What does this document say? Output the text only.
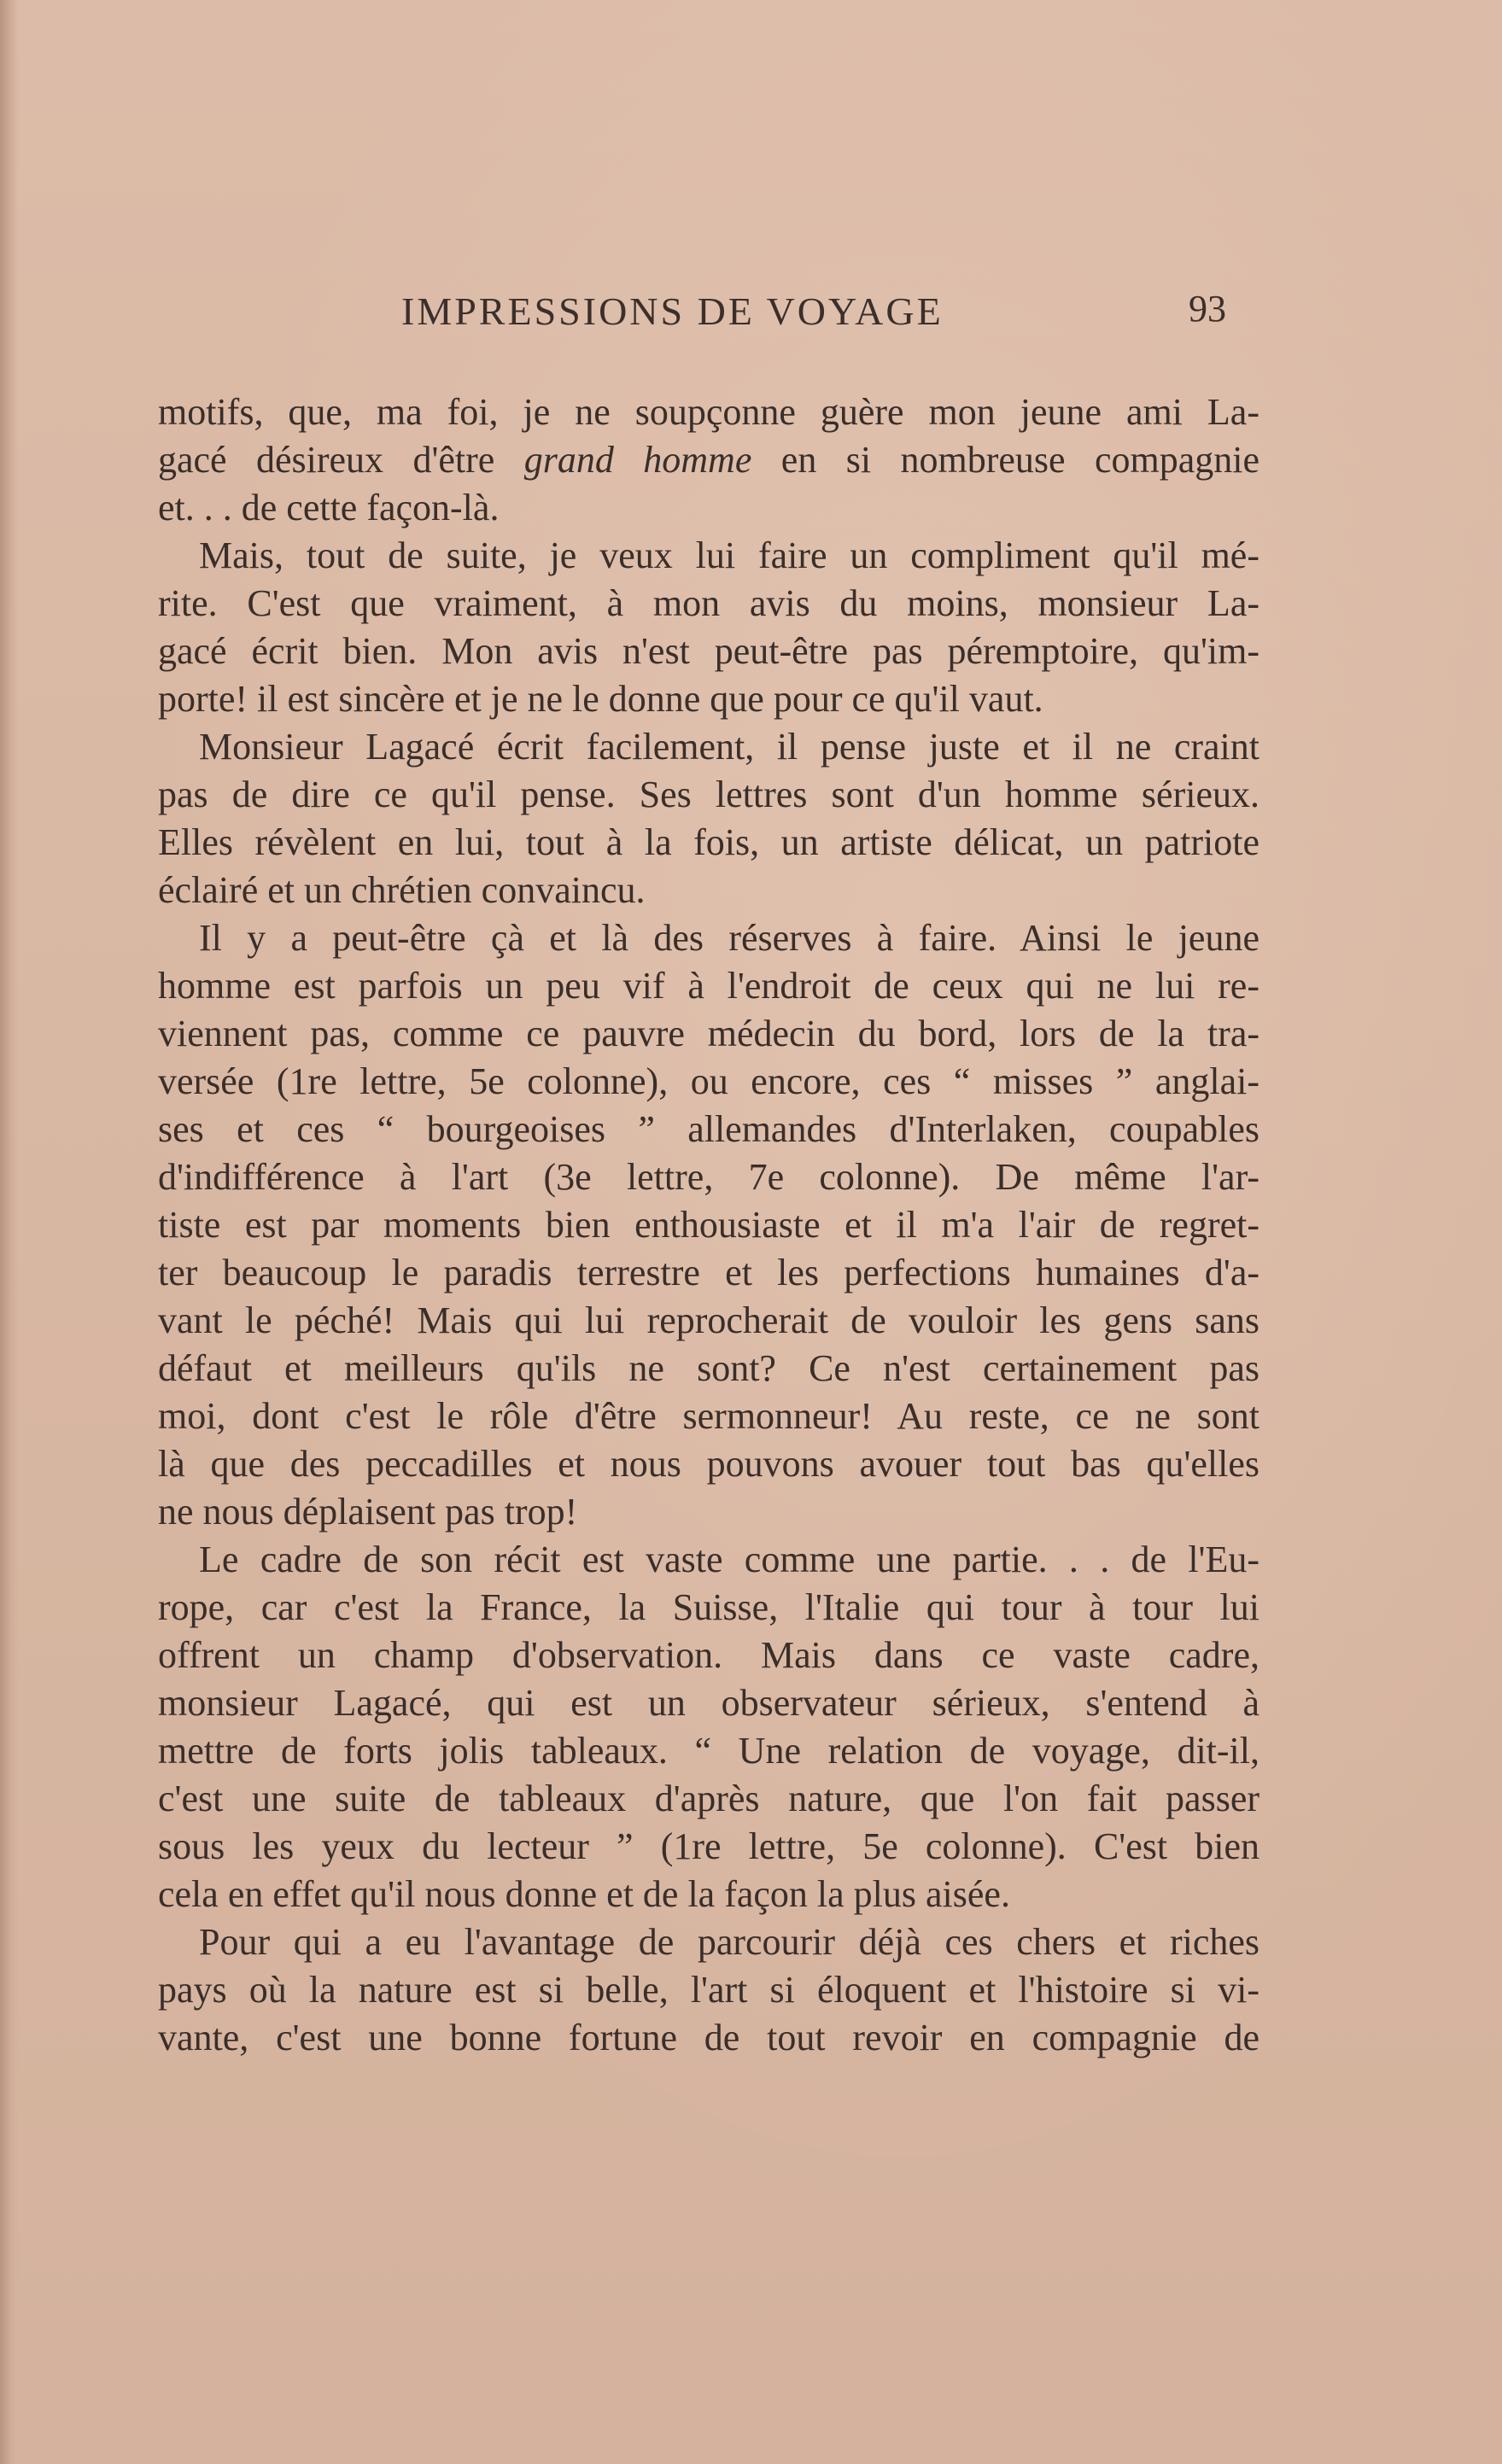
IMPRESSIONS DE VOYAGE	93
motifs, que, ma foi, je ne soupçonne guère mon jeune ami La-
gacé désireux d'être grand homme en si nombreuse compagnie
et. . . de cette façon-là.
Mais, tout de suite, je veux lui faire un compliment qu'il mé-
rite. C'est que vraiment, à mon avis du moins, monsieur La-
gacé écrit bien. Mon avis n'est peut-être pas péremptoire, qu'im-
porte! il est sincère et je ne le donne que pour ce qu'il vaut.
Monsieur Lagacé écrit facilement, il pense juste et il ne craint
pas de dire ce qu'il pense. Ses lettres sont d'un homme sérieux.
Elles révèlent en lui, tout à la fois, un artiste délicat, un patriote
éclairé et un chrétien convaincu.
Il y a peut-être çà et là des réserves à faire. Ainsi le jeune
homme est parfois un peu vif à l'endroit de ceux qui ne lui re-
viennent pas, comme ce pauvre médecin du bord, lors de la tra-
versée (1re lettre, 5e colonne), ou encore, ces “ misses ” anglai-
ses et ces “ bourgeoises ” allemandes d'Interlaken, coupables
d'indifférence à l'art (3e lettre, 7e colonne). De même l'ar-
tiste est par moments bien enthousiaste et il m'a l'air de regret-
ter beaucoup le paradis terrestre et les perfections humaines d'a-
vant le péché! Mais qui lui reprocherait de vouloir les gens sans
défaut et meilleurs qu'ils ne sont? Ce n'est certainement pas
moi, dont c'est le rôle d'être sermonneur! Au reste, ce ne sont
là que des peccadilles et nous pouvons avouer tout bas qu'elles
ne nous déplaisent pas trop!
Le cadre de son récit est vaste comme une partie. . . de l'Eu-
rope, car c'est la France, la Suisse, l'Italie qui tour à tour lui
offrent un champ d'observation. Mais dans ce vaste cadre,
monsieur Lagacé, qui est un observateur sérieux, s'entend à
mettre de forts jolis tableaux. “ Une relation de voyage, dit-il,
c'est une suite de tableaux d'après nature, que l'on fait passer
sous les yeux du lecteur ” (1re lettre, 5e colonne). C'est bien
cela en effet qu'il nous donne et de la façon la plus aisée.
Pour qui a eu l'avantage de parcourir déjà ces chers et riches
pays où la nature est si belle, l'art si éloquent et l'histoire si vi-
vante, c'est une bonne fortune de tout revoir en compagnie de
